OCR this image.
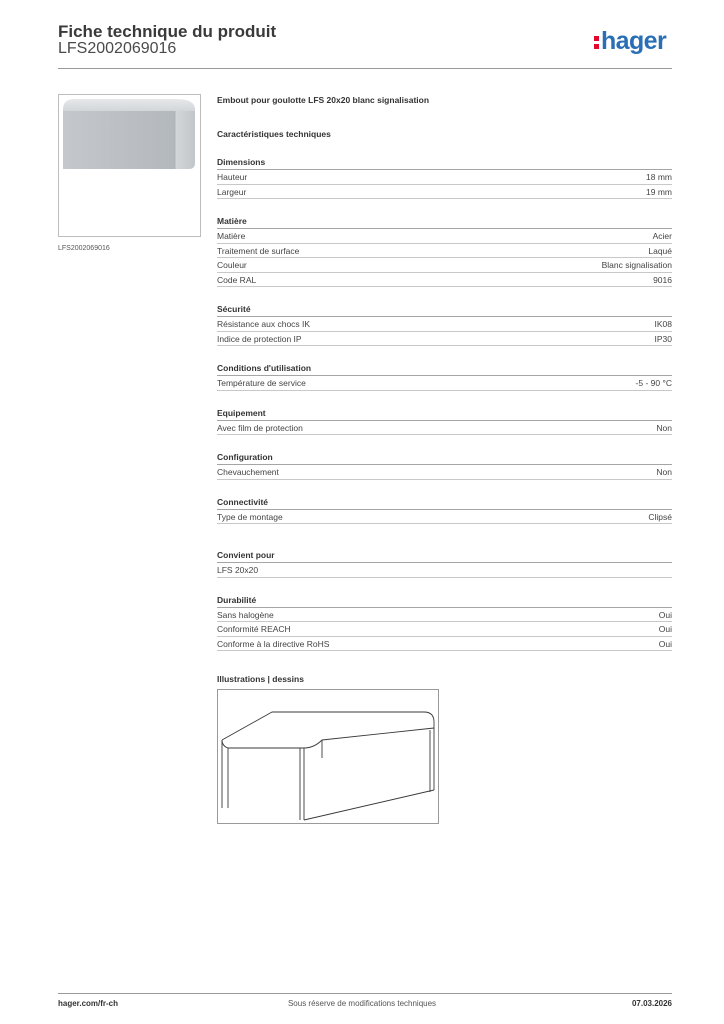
Fiche technique du produit
LFS2002069016	hager
LFS2002069016
Embout pour goulotte LFS 20x20 blanc signalisation
Caractéristiques techniques
Dimensions
Hauteur	18 mm
Largeur	19 mm
Matière
Matière	Acier
Traitement de surface	Laqué
Couleur	Blanc signalisation
Code RAL	9016
Sécurité
Résistance aux chocs IK	IK08
Indice de protection IP	IP30
Conditions d'utilisation
Température de service	-5 - 90 °C
Equipement
Avec film de protection	Non
Configuration
Chevauchement	Non
Connectivité
Type de montage	Clipsé
Convient pour
LFS 20x20
Durabilité
Sans halogène	Oui
Conformité REACH	Oui
Conforme à la directive RoHS	Oui
Illustrations | dessins
hager.com/fr-ch	Sous réserve de modifications techniques	07.03.2026
